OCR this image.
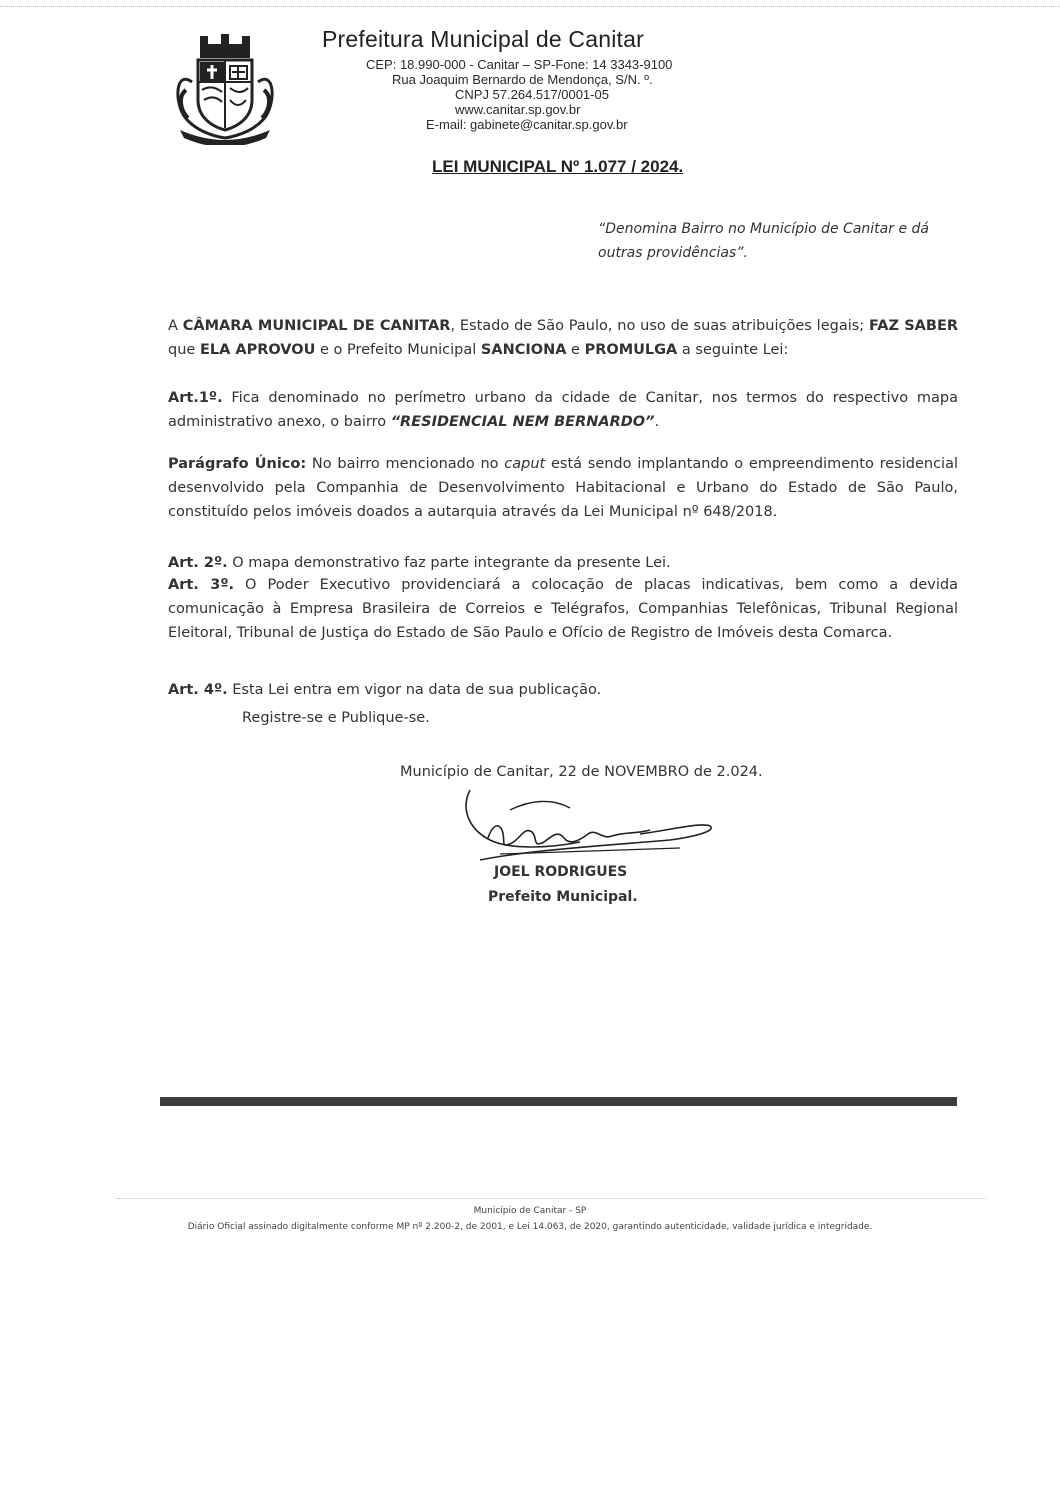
Prefeitura Municipal de Canitar
CEP: 18.990-000 - Canitar – SP-Fone: 14 3343-9100
Rua Joaquim Bernardo de Mendonça, S/N. º.
CNPJ 57.264.517/0001-05
www.canitar.sp.gov.br
E-mail: gabinete@canitar.sp.gov.br
LEI MUNICIPAL Nº 1.077 / 2024.
“Denomina Bairro no Município de Canitar e dá outras providências”.
A CÂMARA MUNICIPAL DE CANITAR, Estado de São Paulo, no uso de suas atribuições legais; FAZ SABER que ELA APROVOU e o Prefeito Municipal SANCIONA e PROMULGA a seguinte Lei:
Art.1º. Fica denominado no perímetro urbano da cidade de Canitar, nos termos do respectivo mapa administrativo anexo, o bairro “RESIDENCIAL NEM BERNARDO”.
Parágrafo Único: No bairro mencionado no caput está sendo implantando o empreendimento residencial desenvolvido pela Companhia de Desenvolvimento Habitacional e Urbano do Estado de São Paulo, constituído pelos imóveis doados a autarquia através da Lei Municipal nº 648/2018.
Art. 2º. O mapa demonstrativo faz parte integrante da presente Lei.
Art. 3º. O Poder Executivo providenciará a colocação de placas indicativas, bem como a devida comunicação à Empresa Brasileira de Correios e Telégrafos, Companhias Telefônicas, Tribunal Regional Eleitoral, Tribunal de Justiça do Estado de São Paulo e Ofício de Registro de Imóveis desta Comarca.
Art. 4º. Esta Lei entra em vigor na data de sua publicação.
Registre-se e Publique-se.
Município de Canitar, 22 de NOVEMBRO de 2.024.
JOEL RODRIGUES
Prefeito Municipal.
Município de Canitar - SP
Diário Oficial assinado digitalmente conforme MP nº 2.200-2, de 2001, e Lei 14.063, de 2020, garantindo autenticidade, validade jurídica e integridade.
